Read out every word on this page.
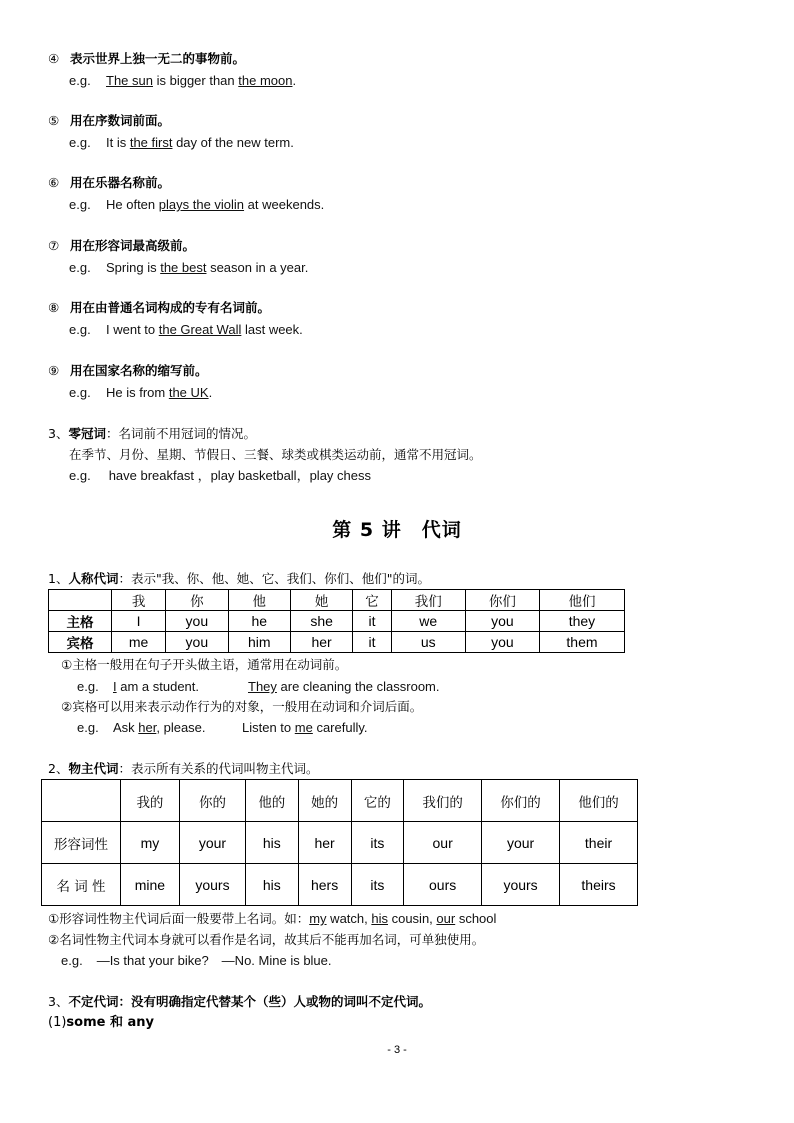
④ 表示世界上独一无二的事物前。
e.g. The sun is bigger than the moon.
⑤ 用在序数词前面。
e.g. It is the first day of the new term.
⑥ 用在乐器名称前。
e.g. He often plays the violin at weekends.
⑦ 用在形容词最高级前。
e.g. Spring is the best season in a year.
⑧ 用在由普通名词构成的专有名词前。
e.g. I went to the Great Wall last week.
⑨ 用在国家名称的缩写前。
e.g. He is from the UK.
3、零冠词：名词前不用冠词的情况。
在季节、月份、星期、节假日、三餐、球类或棋类运动前，通常不用冠词。
e.g. have breakfast ，play basketball，play chess
第 5 讲　代词
1、人称代词：表示"我、你、他、她、它、我们、你们、他们"的词。
	我	你	他	她	它	我们	你们	他们
主格	I	you	he	she	it	we	you	they
宾格	me	you	him	her	it	us	you	them
①主格一般用在句子开头做主语，通常用在动词前。
e.g. I am a student.	They are cleaning the classroom.
②宾格可以用来表示动作行为的对象，一般用在动词和介词后面。
e.g. Ask her, please.	Listen to me carefully.
2、物主代词：表示所有关系的代词叫物主代词。
	我的	你的	他的	她的	它的	我们的	你们的	他们的
形容词性	my	your	his	her	its	our	your	their
名 词 性	mine	yours	his	hers	its	ours	yours	theirs
①形容词性物主代词后面一般要带上名词。如：my watch, his cousin, our school
②名词性物主代词本身就可以看作是名词，故其后不能再加名词，可单独使用。
e.g. —Is that your bike?　—No. Mine is blue.
3、不定代词：没有明确指定代替某个（些）人或物的词叫不定代词。
(1)some 和 any
- 3 -
